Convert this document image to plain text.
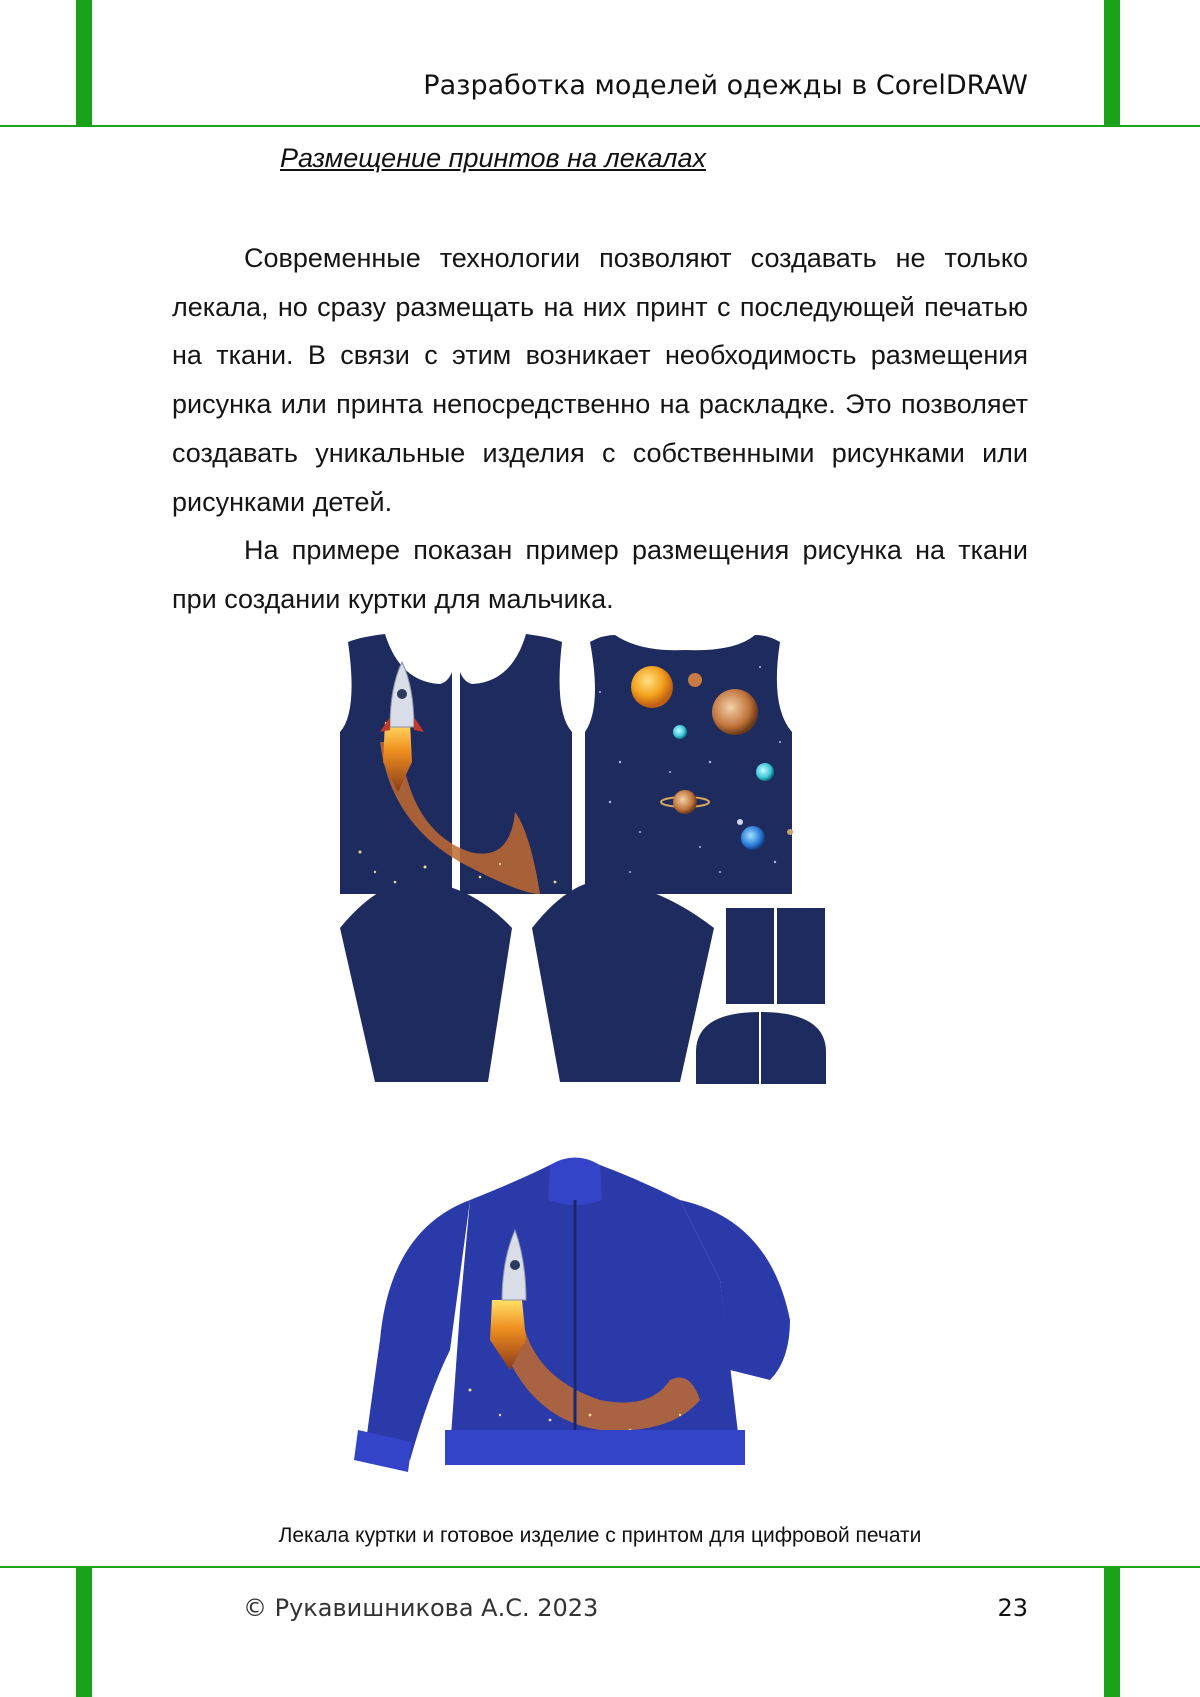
Разработка моделей одежды в CorelDRAW
Размещение принтов на лекалах

Современные технологии позволяют создавать не только лекала, но сразу размещать на них принт с последующей печатью на ткани. В связи с этим возникает необходимость размещения рисунка или принта непосредственно на раскладке. Это позволяет создавать уникальные изделия с собственными рисунками или рисунками детей.

На примере показан пример размещения рисунка на ткани при создании куртки для мальчика.

Лекала куртки и готовое изделие с принтом для цифровой печати
© Рукавишникова А.С. 2023	23
